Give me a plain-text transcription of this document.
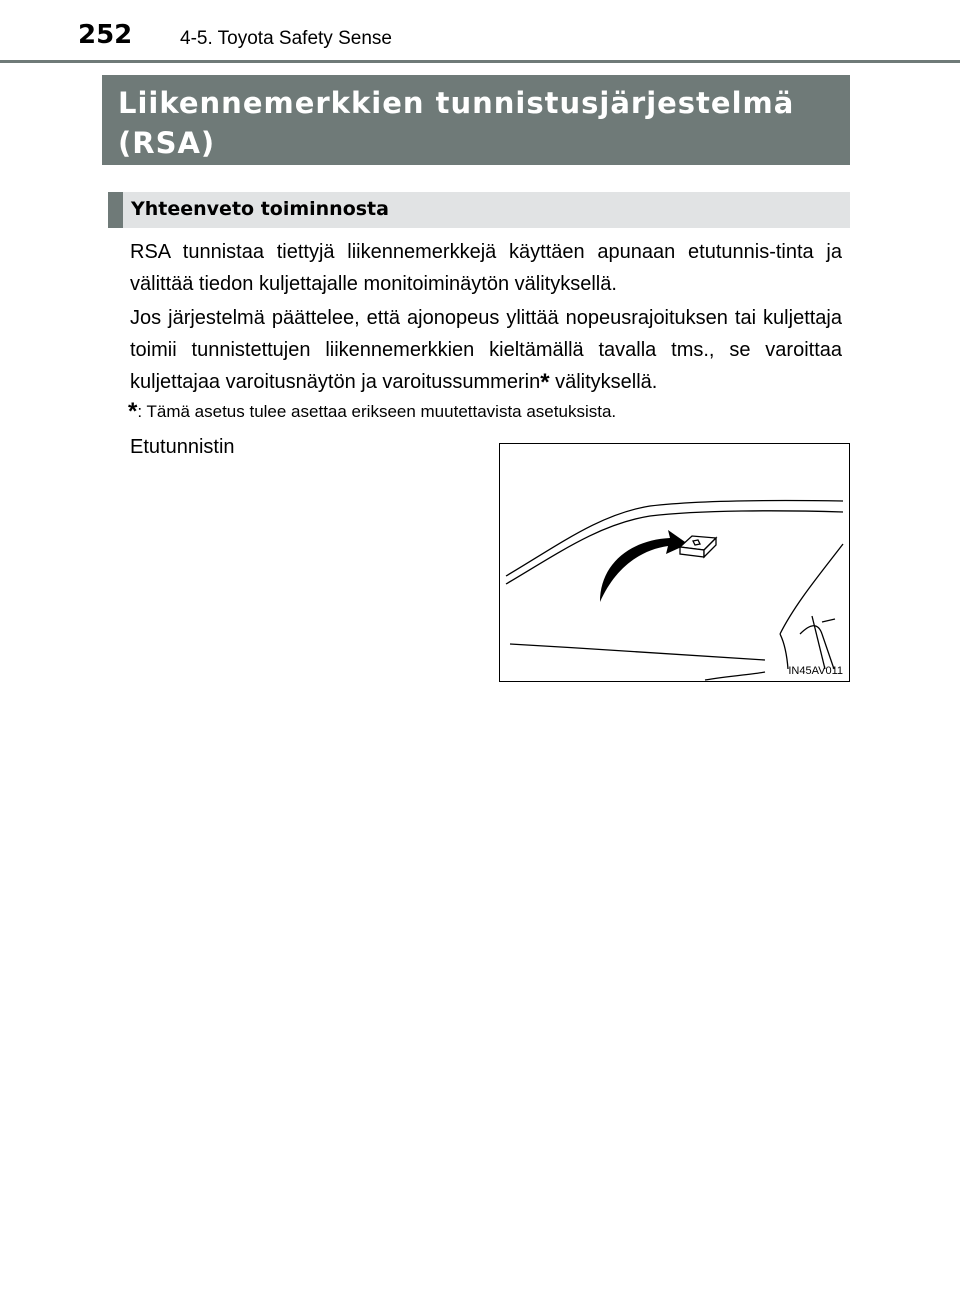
252	4-5. Toyota Safety Sense
Liikennemerkkien tunnistusjärjestelmä
(RSA)
Yhteenveto toiminnosta
RSA tunnistaa tiettyjä liikennemerkkejä käyttäen apunaan etutunnis-tinta ja välittää tiedon kuljettajalle monitoiminäytön välityksellä.
Jos järjestelmä päättelee, että ajonopeus ylittää nopeusrajoituksen tai kuljettaja toimii tunnistettujen liikennemerkkien kieltämällä tavalla tms., se varoittaa kuljettajaa varoitusnäytön ja varoitussummerin* välityksellä.
*: Tämä asetus tulee asettaa erikseen muutettavista asetuksista.
Etutunnistin
IN45AV011
